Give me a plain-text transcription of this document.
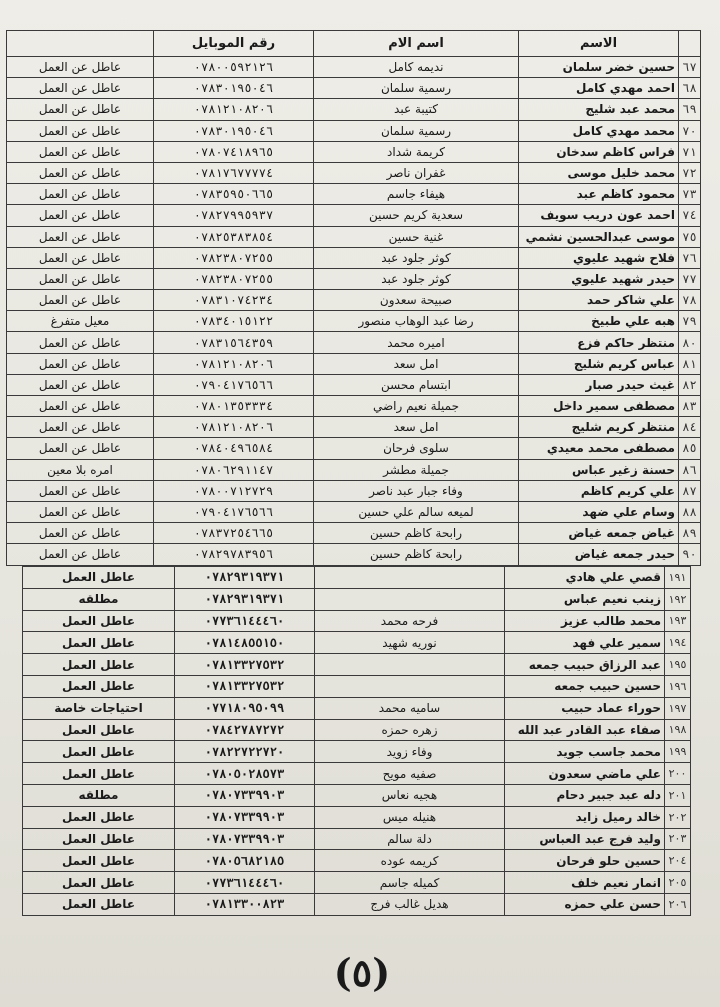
	الاسم	اسم الام	رقم الموبايل	
٦٧	حسين خضر سلمان	نديمه كامل	٠٧٨٠٠٥٩٢١٢٦	عاطل عن العمل
٦٨	احمد مهدي كامل	رسمية سلمان	٠٧٨٣٠١٩٥٠٤٦	عاطل عن العمل
٦٩	محمد عبد شليج	كتيبة عبد	٠٧٨١٢١٠٨٢٠٦	عاطل عن العمل
٧٠	محمد مهدي كامل	رسمية سلمان	٠٧٨٣٠١٩٥٠٤٦	عاطل عن العمل
٧١	فراس كاظم سدخان	كريمة شداد	٠٧٨٠٧٤١٨٩٦٥	عاطل عن العمل
٧٢	محمد خليل موسى	غفران ناصر	٠٧٨١٧٦٧٧٧٧٤	عاطل عن العمل
٧٣	محمود كاظم عبد	هيفاء جاسم	٠٧٨٣٥٩٥٠٦٦٥	عاطل عن العمل
٧٤	احمد عون دريب سويف	سعدية كريم حسين	٠٧٨٢٧٩٩٥٩٣٧	عاطل عن العمل
٧٥	موسى عبدالحسين نشمي	غنية حسين	٠٧٨٢٥٣٨٣٨٥٤	عاطل عن العمل
٧٦	فلاح شهيد عليوي	كوثر جلود عبد	٠٧٨٢٣٨٠٧٢٥٥	عاطل عن العمل
٧٧	حيدر شهيد عليوي	كوثر جلود عبد	٠٧٨٢٣٨٠٧٢٥٥	عاطل عن العمل
٧٨	علي شاكر حمد	صبيحة سعدون	٠٧٨٣١٠٧٤٢٣٤	عاطل عن العمل
٧٩	هبه علي طبيخ	رضا عبد الوهاب منصور	٠٧٨٣٤٠١٥١٢٢	معيل متفرغ
٨٠	منتظر حاكم فزع	اميره محمد	٠٧٨٣١٥٦٤٣٥٩	عاطل عن العمل
٨١	عباس كريم شليج	امل سعد	٠٧٨١٢١٠٨٢٠٦	عاطل عن العمل
٨٢	غيث حيدر صبار	ابتسام محسن	٠٧٩٠٤١٧٦٥٦٦	عاطل عن العمل
٨٣	مصطفى سمير داخل	جميلة نعيم راضي	٠٧٨٠١٣٥٣٣٣٤	عاطل عن العمل
٨٤	منتظر كريم شليج	امل سعد	٠٧٨١٢١٠٨٢٠٦	عاطل عن العمل
٨٥	مصطفى محمد معيدي	سلوى فرحان	٠٧٨٤٠٤٩٦٥٨٤	عاطل عن العمل
٨٦	حسنة زغير عباس	جميلة مطشر	٠٧٨٠٦٢٩١١٤٧	امره بلا معين
٨٧	علي كريم كاظم	وفاء جبار عبد ناصر	٠٧٨٠٠٧١٢٧٢٩	عاطل عن العمل
٨٨	وسام علي ضهد	لميعه سالم علي حسين	٠٧٩٠٤١٧٦٥٦٦	عاطل عن العمل
٨٩	غياض جمعه غياض	رابحة كاظم حسين	٠٧٨٣٧٢٥٤٦٦٥	عاطل عن العمل
٩٠	حيدر جمعه غياض	رابحة كاظم حسين	٠٧٨٢٩٧٨٣٩٥٦	عاطل عن العمل
١٩١	قصي علي هادي		٠٧٨٢٩٣١٩٣٧١	عاطل العمل
١٩٢	زينب نعيم عباس		٠٧٨٢٩٣١٩٣٧١	مطلقه
١٩٣	محمد طالب عزيز	فرحه محمد	٠٧٧٣٦١٤٤٤٦٠	عاطل العمل
١٩٤	سمير علي فهد	نوريه شهيد	٠٧٨١٤٨٥٥١٥٠	عاطل العمل
١٩٥	عبد الرزاق حبيب جمعه		٠٧٨١٣٣٢٧٥٣٢	عاطل العمل
١٩٦	حسين حبيب جمعه		٠٧٨١٣٣٢٧٥٣٢	عاطل العمل
١٩٧	حوراء عماد حبيب	ساميه محمد	٠٧٧١٨٠٩٥٠٩٩	احتياجات خاصة
١٩٨	صفاء عبد القادر عبد الله	زهره حمزه	٠٧٨٤٢٧٨٧٢٧٢	عاطل العمل
١٩٩	محمد جاسب جويد	وفاء زويد	٠٧٨٢٢٧٢٢٧٢٠	عاطل العمل
٢٠٠	علي ماضي سعدون	صفيه مويح	٠٧٨٠٥٠٢٨٥٧٣	عاطل العمل
٢٠١	دله عبد جبير دحام	هجيه نعاس	٠٧٨٠٧٣٣٩٩٠٣	مطلقه
٢٠٢	خالد رميل زايد	هنيله ميس	٠٧٨٠٧٣٣٩٩٠٣	عاطل العمل
٢٠٣	وليد فرج عبد العباس	دلة سالم	٠٧٨٠٧٣٣٩٩٠٣	عاطل العمل
٢٠٤	حسين حلو فرحان	كريمه عوده	٠٧٨٠٥٦٨٢١٨٥	عاطل العمل
٢٠٥	انمار نعيم خلف	كميله جاسم	٠٧٧٣٦١٤٤٤٦٠	عاطل العمل
٢٠٦	حسن علي حمزه	هديل غالب فرج	٠٧٨١٣٣٠٠٨٢٣	عاطل العمل
(٥)
